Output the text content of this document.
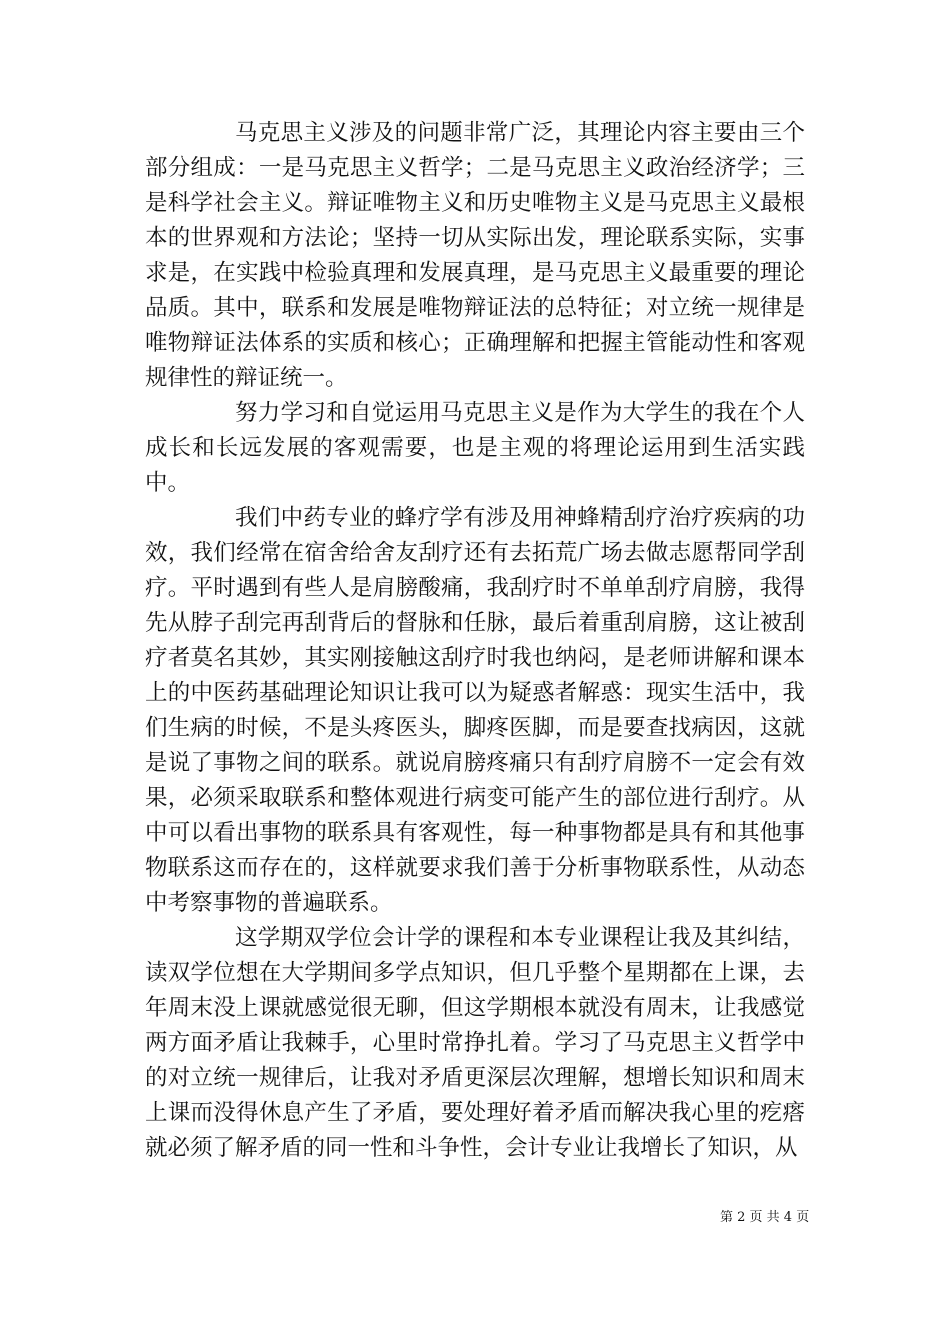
马克思主义涉及的问题非常广泛，其理论内容主要由三个部分组成：一是马克思主义哲学；二是马克思主义政治经济学；三是科学社会主义。辩证唯物主义和历史唯物主义是马克思主义最根本的世界观和方法论；坚持一切从实际出发，理论联系实际，实事求是，在实践中检验真理和发展真理，是马克思主义最重要的理论品质。其中，联系和发展是唯物辩证法的总特征；对立统一规律是唯物辩证法体系的实质和核心；正确理解和把握主管能动性和客观规律性的辩证统一。

努力学习和自觉运用马克思主义是作为大学生的我在个人成长和长远发展的客观需要，也是主观的将理论运用到生活实践中。

我们中药专业的蜂疗学有涉及用神蜂精刮疗治疗疾病的功效，我们经常在宿舍给舍友刮疗还有去拓荒广场去做志愿帮同学刮疗。平时遇到有些人是肩膀酸痛，我刮疗时不单单刮疗肩膀，我得先从脖子刮完再刮背后的督脉和任脉，最后着重刮肩膀，这让被刮疗者莫名其妙，其实刚接触这刮疗时我也纳闷，是老师讲解和课本上的中医药基础理论知识让我可以为疑惑者解惑：现实生活中，我们生病的时候，不是头疼医头，脚疼医脚，而是要查找病因，这就是说了事物之间的联系。就说肩膀疼痛只有刮疗肩膀不一定会有效果，必须采取联系和整体观进行病变可能产生的部位进行刮疗。从中可以看出事物的联系具有客观性，每一种事物都是具有和其他事物联系这而存在的，这样就要求我们善于分析事物联系性，从动态中考察事物的普遍联系。

这学期双学位会计学的课程和本专业课程让我及其纠结，读双学位想在大学期间多学点知识，但几乎整个星期都在上课，去年周末没上课就感觉很无聊，但这学期根本就没有周末，让我感觉两方面矛盾让我棘手，心里时常挣扎着。学习了马克思主义哲学中的对立统一规律后，让我对矛盾更深层次理解，想增长知识和周末上课而没得休息产生了矛盾，要处理好着矛盾而解决我心里的疙瘩就必须了解矛盾的同一性和斗争性，会计专业让我增长了知识，从

第 2 页 共 4 页
